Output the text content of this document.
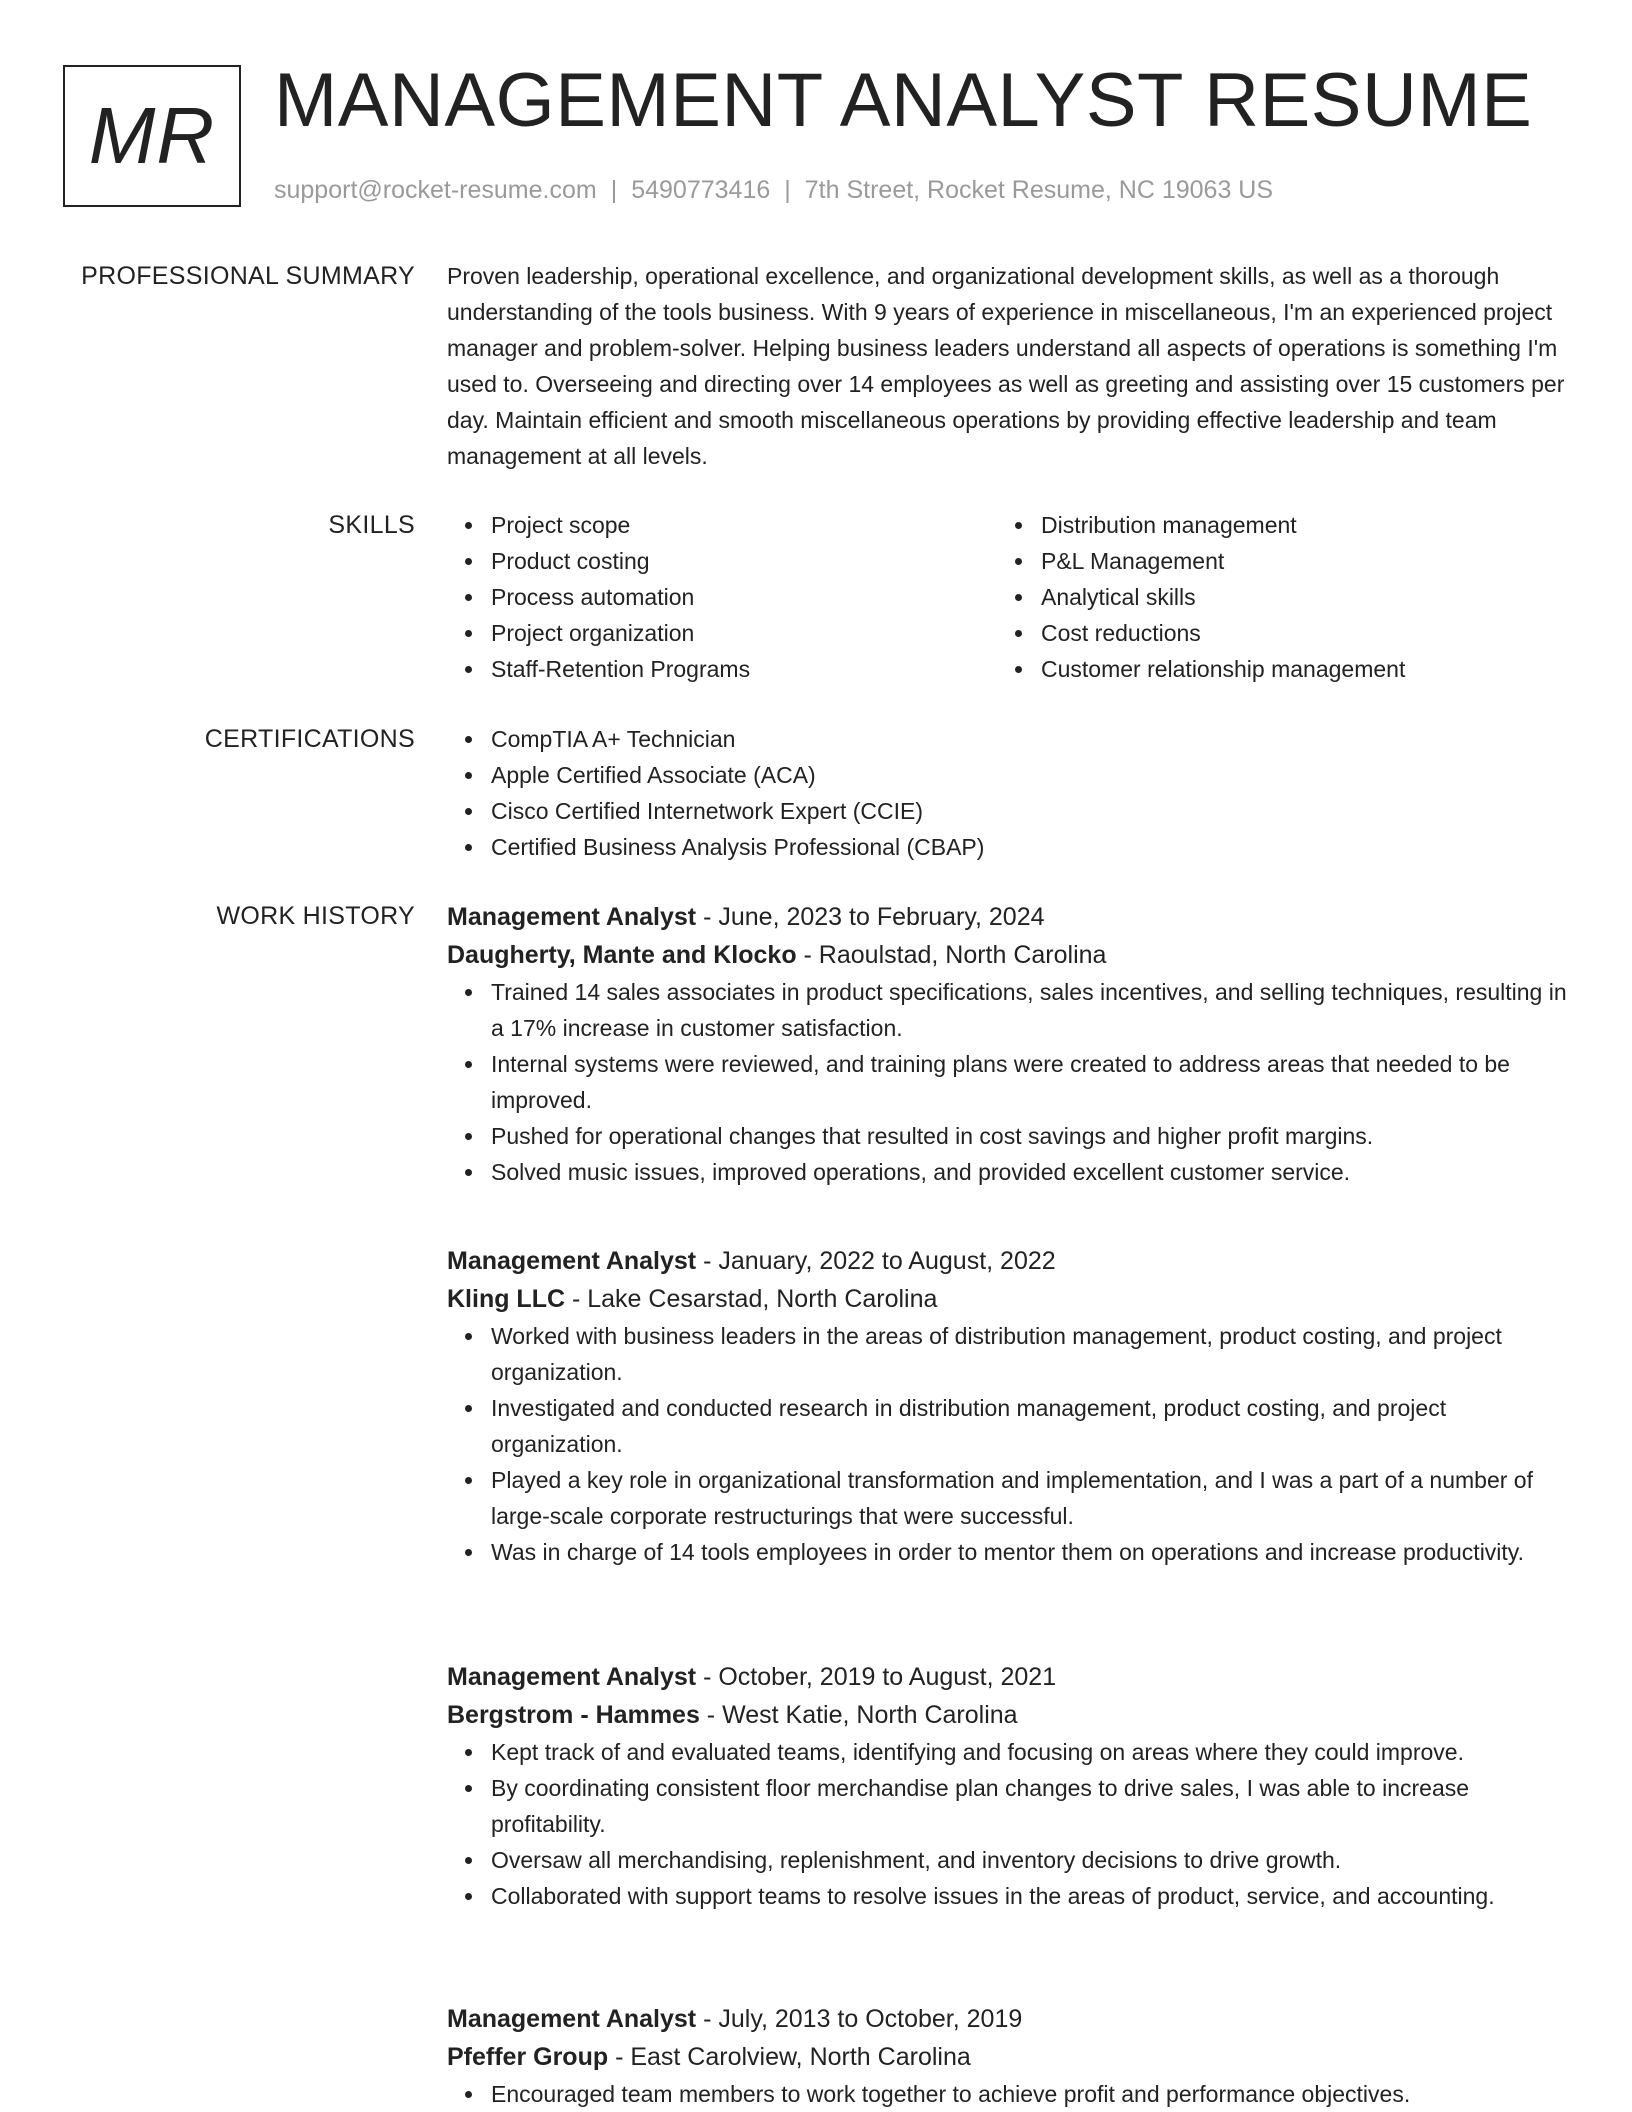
MR MANAGEMENT ANALYST RESUME
support@rocket-resume.com | 5490773416 | 7th Street, Rocket Resume, NC 19063 US
PROFESSIONAL SUMMARY Proven leadership, operational excellence, and organizational development skills, as well as a thorough understanding of the tools business. With 9 years of experience in miscellaneous, I'm an experienced project manager and problem-solver. Helping business leaders understand all aspects of operations is something I'm used to. Overseeing and directing over 14 employees as well as greeting and assisting over 15 customers per day. Maintain efficient and smooth miscellaneous operations by providing effective leadership and team management at all levels.

SKILLS	Project scope
Product costing
Process automation
Project organization
Staff-Retention Programs
Distribution management
P&L Management
Analytical skills
Cost reductions
Customer relationship management
CERTIFICATIONS	CompTIA A+ Technician
Apple Certified Associate (ACA)
Cisco Certified Internetwork Expert (CCIE)
Certified Business Analysis Professional (CBAP)
WORK HISTORY Management Analyst - June, 2023 to February, 2024
Daugherty, Mante and Klocko - Raoulstad, North Carolina
Trained 14 sales associates in product specifications, sales incentives, and selling techniques, resulting in a 17% increase in customer satisfaction.
Internal systems were reviewed, and training plans were created to address areas that needed to be improved.
Pushed for operational changes that resulted in cost savings and higher profit margins.
Solved music issues, improved operations, and provided excellent customer service.
Management Analyst - January, 2022 to August, 2022
Kling LLC - Lake Cesarstad, North Carolina
Worked with business leaders in the areas of distribution management, product costing, and project organization.
Investigated and conducted research in distribution management, product costing, and project organization.
Played a key role in organizational transformation and implementation, and I was a part of a number of large-scale corporate restructurings that were successful.
Was in charge of 14 tools employees in order to mentor them on operations and increase productivity.
Management Analyst - October, 2019 to August, 2021
Bergstrom - Hammes - West Katie, North Carolina
Kept track of and evaluated teams, identifying and focusing on areas where they could improve.
By coordinating consistent floor merchandise plan changes to drive sales, I was able to increase profitability.
Oversaw all merchandising, replenishment, and inventory decisions to drive growth.
Collaborated with support teams to resolve issues in the areas of product, service, and accounting.
Management Analyst - July, 2013 to October, 2019
Pfeffer Group - East Carolview, North Carolina
Encouraged team members to work together to achieve profit and performance objectives.
